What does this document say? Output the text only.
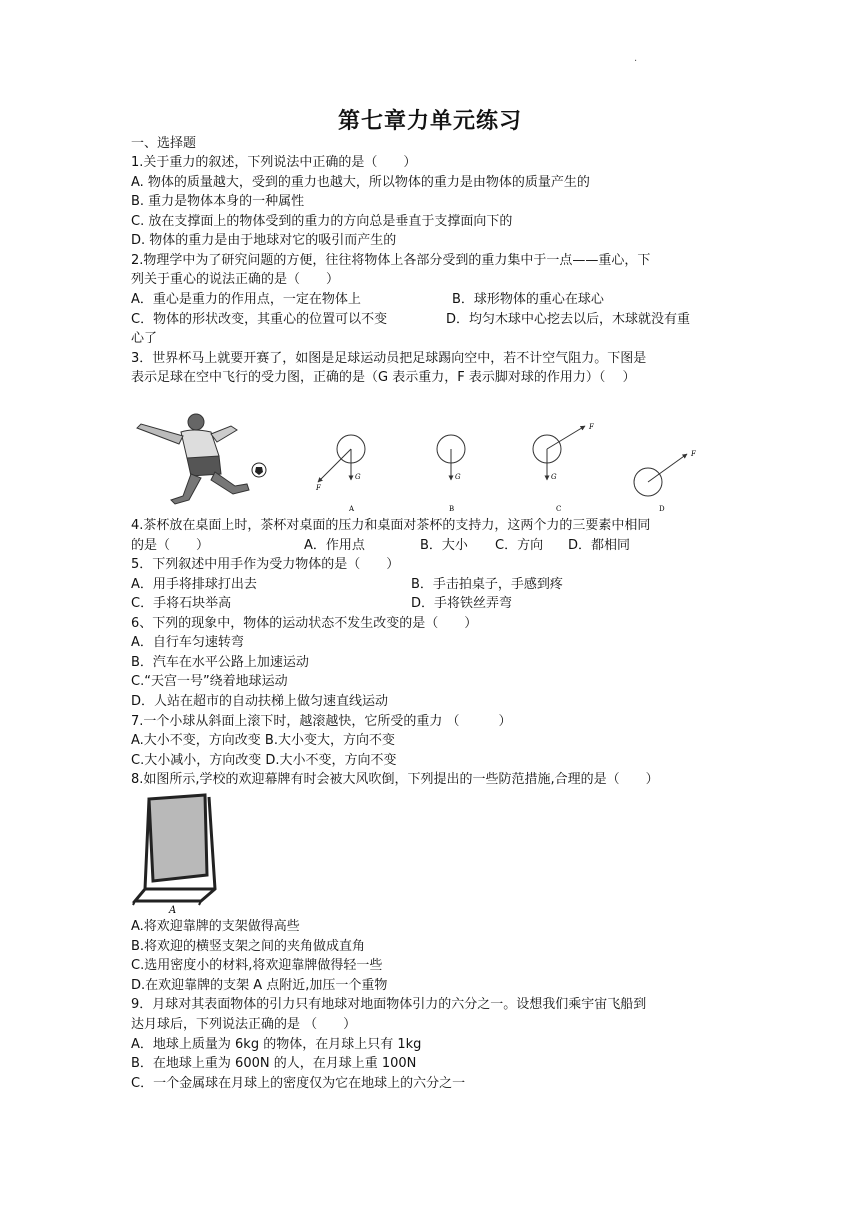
·
第七章力单元练习
一、选择题
1.关于重力的叙述，下列说法中正确的是（　　）
A. 物体的质量越大，受到的重力也越大，所以物体的重力是由物体的质量产生的
B. 重力是物体本身的一种属性
C. 放在支撑面上的物体受到的重力的方向总是垂直于支撑面向下的
D. 物体的重力是由于地球对它的吸引而产生的
2.物理学中为了研究问题的方便，往往将物体上各部分受到的重力集中于一点——重心，下
列关于重心的说法正确的是（　　）
A．重心是重力的作用点，一定在物体上	B．球形物体的重心在球心
C．物体的形状改变，其重心的位置可以不变	D．均匀木球中心挖去以后，木球就没有重
心了
3．世界杯马上就要开赛了，如图是足球运动员把足球踢向空中，若不计空气阻力。下图是
表示足球在空中飞行的受力图，正确的是（G 表示重力，F 表示脚对球的作用力）（　 ）
G
F
A
G
B
G
F
C
F
D
4.茶杯放在桌面上时，茶杯对桌面的压力和桌面对茶杯的支持力，这两个力的三要素中相同
的是（　　）	A．作用点	B．大小 C．方向 D．都相同
5．下列叙述中用手作为受力物体的是（　　）
A．用手将排球打出去	B．手击拍桌子，手感到疼
C．手将石块举高	D．手将铁丝弄弯
6、下列的现象中，物体的运动状态不发生改变的是（　　）
A．自行车匀速转弯
B．汽车在水平公路上加速运动
C.“天宫一号”绕着地球运动
D．人站在超市的自动扶梯上做匀速直线运动
7.一个小球从斜面上滚下时，越滚越快，它所受的重力 （　　　）
A.大小不变，方向改变 B.大小变大，方向不变
C.大小减小，方向改变 D.大小不变，方向不变
8.如图所示,学校的欢迎幕牌有时会被大风吹倒，下列提出的一些防范措施,合理的是（　　）
A
A.将欢迎靠牌的支架做得高些
B.将欢迎的横竖支架之间的夹角做成直角
C.选用密度小的材料,将欢迎靠牌做得轻一些
D.在欢迎靠牌的支架 A 点附近,加压一个重物
9．月球对其表面物体的引力只有地球对地面物体引力的六分之一。设想我们乘宇宙飞船到
达月球后，下列说法正确的是 （　　）
A．地球上质量为 6kg 的物体，在月球上只有 1kg
B．在地球上重为 600N 的人，在月球上重 100N
C．一个金属球在月球上的密度仅为它在地球上的六分之一
